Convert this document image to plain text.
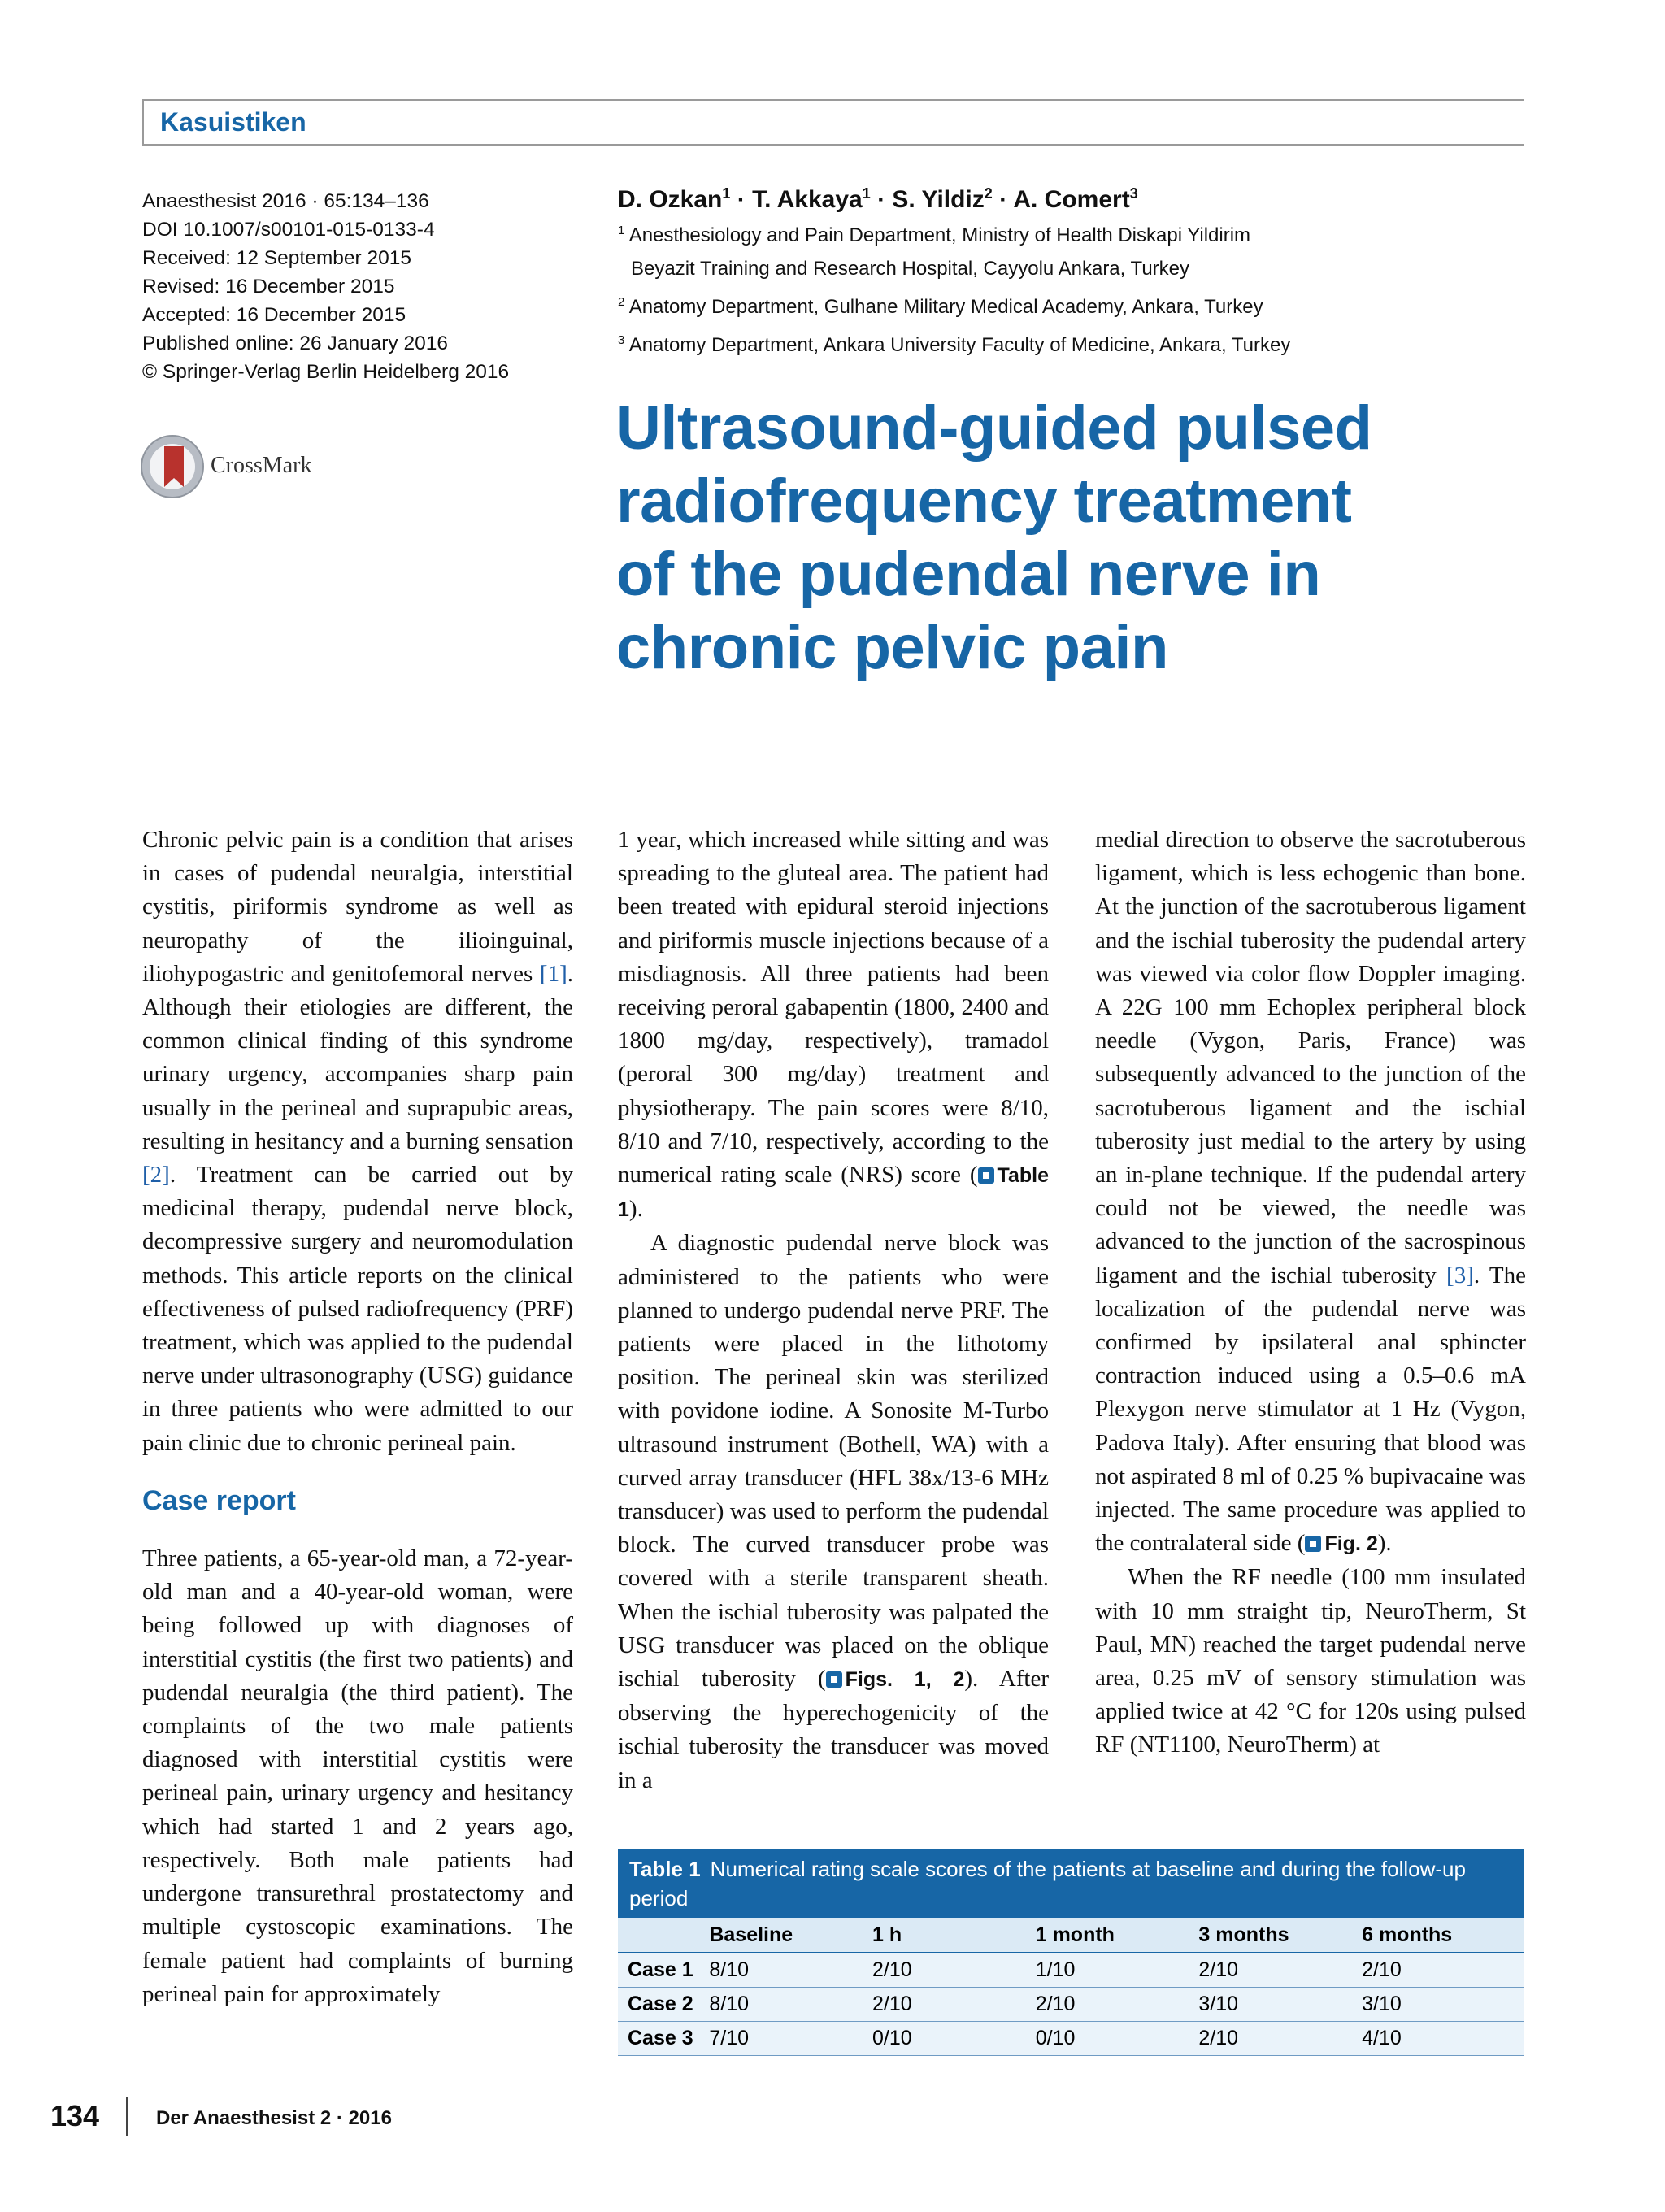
Kasuistiken
Anaesthesist 2016 · 65:134–136
DOI 10.1007/s00101-015-0133-4
Received: 12 September 2015
Revised: 16 December 2015
Accepted: 16 December 2015
Published online: 26 January 2016
© Springer-Verlag Berlin Heidelberg 2016
CrossMark
D. Ozkan$^1$ · T. Akkaya$^1$ · S. Yildiz$^2$ · A. Comert$^3$
$^1$ Anesthesiology and Pain Department, Ministry of Health Diskapi Yildirim
Beyazit Training and Research Hospital, Cayyolu Ankara, Turkey
$^2$ Anatomy Department, Gulhane Military Medical Academy, Ankara, Turkey
$^3$ Anatomy Department, Ankara University Faculty of Medicine, Ankara, Turkey
Ultrasound-guided pulsed
radiofrequency treatment
of the pudendal nerve in
chronic pelvic pain

Chronic pelvic pain is a condition that arises in cases of pudendal neuralgia, interstitial cystitis, piriformis syndrome as well as neuropathy of the ilioinguinal, iliohypogastric and genitofemoral nerves [1]. Although their etiologies are different, the common clinical finding of this syndrome urinary urgency, accompanies sharp pain usually in the perineal and suprapubic areas, resulting in hesitancy and a burning sensation [2]. Treatment can be carried out by medicinal therapy, pudendal nerve block, decompressive surgery and neuromodulation methods. This article reports on the clinical effectiveness of pulsed radiofrequency (PRF) treatment, which was applied to the pudendal nerve under ultrasonography (USG) guidance in three patients who were admitted to our pain clinic due to chronic perineal pain.

Case report

Three patients, a 65-year-old man, a 72-year-old man and a 40-year-old woman, were being followed up with diagnoses of interstitial cystitis (the first two patients) and pudendal neuralgia (the third patient). The complaints of the two male patients diagnosed with interstitial cystitis were perineal pain, urinary urgency and hesitancy which had started 1 and 2 years ago, respectively. Both male patients had undergone transurethral prostatectomy and multiple cystoscopic examinations. The female patient had complaints of burning perineal pain for approximately

1 year, which increased while sitting and was spreading to the gluteal area. The patient had been treated with epidural steroid injections and piriformis muscle injections because of a misdiagnosis. All three patients had been receiving peroral gabapentin (1800, 2400 and 1800 mg/day, respectively), tramadol (peroral 300 mg/day) treatment and physiotherapy. The pain scores were 8/10, 8/10 and 7/10, respectively, according to the numerical rating scale (NRS) score ( Table 1).

A diagnostic pudendal nerve block was administered to the patients who were planned to undergo pudendal nerve PRF. The patients were placed in the lithotomy position. The perineal skin was sterilized with povidone iodine. A Sonosite M-Turbo ultrasound instrument (Bothell, WA) with a curved array transducer (HFL 38x/13-6 MHz transducer) was used to perform the pudendal block. The curved transducer probe was covered with a sterile transparent sheath. When the ischial tuberosity was palpated the USG transducer was placed on the oblique ischial tuberosity ( Figs. 1, 2). After observing the hyperechogenicity of the ischial tuberosity the transducer was moved in a

medial direction to observe the sacrotuberous ligament, which is less echogenic than bone. At the junction of the sacrotuberous ligament and the ischial tuberosity the pudendal artery was viewed via color flow Doppler imaging. A 22G 100 mm Echoplex peripheral block needle (Vygon, Paris, France) was subsequently advanced to the junction of the sacrotuberous ligament and the ischial tuberosity just medial to the artery by using an in-plane technique. If the pudendal artery could not be viewed, the needle was advanced to the junction of the sacrospinous ligament and the ischial tuberosity [3]. The localization of the pudendal nerve was confirmed by ipsilateral anal sphincter contraction induced using a 0.5–0.6 mA Plexygon nerve stimulator at 1 Hz (Vygon, Padova Italy). After ensuring that blood was not aspirated 8 ml of 0.25 % bupivacaine was injected. The same procedure was applied to the contralateral side ( Fig. 2).

When the RF needle (100 mm insulated with 10 mm straight tip, NeuroTherm, St Paul, MN) reached the target pudendal nerve area, 0.25 mV of sensory stimulation was applied twice at 42 °C for 120s using pulsed RF (NT1100, NeuroTherm) at

Table 1 Numerical rating scale scores of the patients at baseline and during the follow-up period
	Baseline	1 h	1 month	3 months	6 months
Case 1	8/10	2/10	1/10	2/10	2/10
Case 2	8/10	2/10	2/10	3/10	3/10
Case 3	7/10	0/10	0/10	2/10	4/10
134	Der Anaesthesist 2 · 2016
